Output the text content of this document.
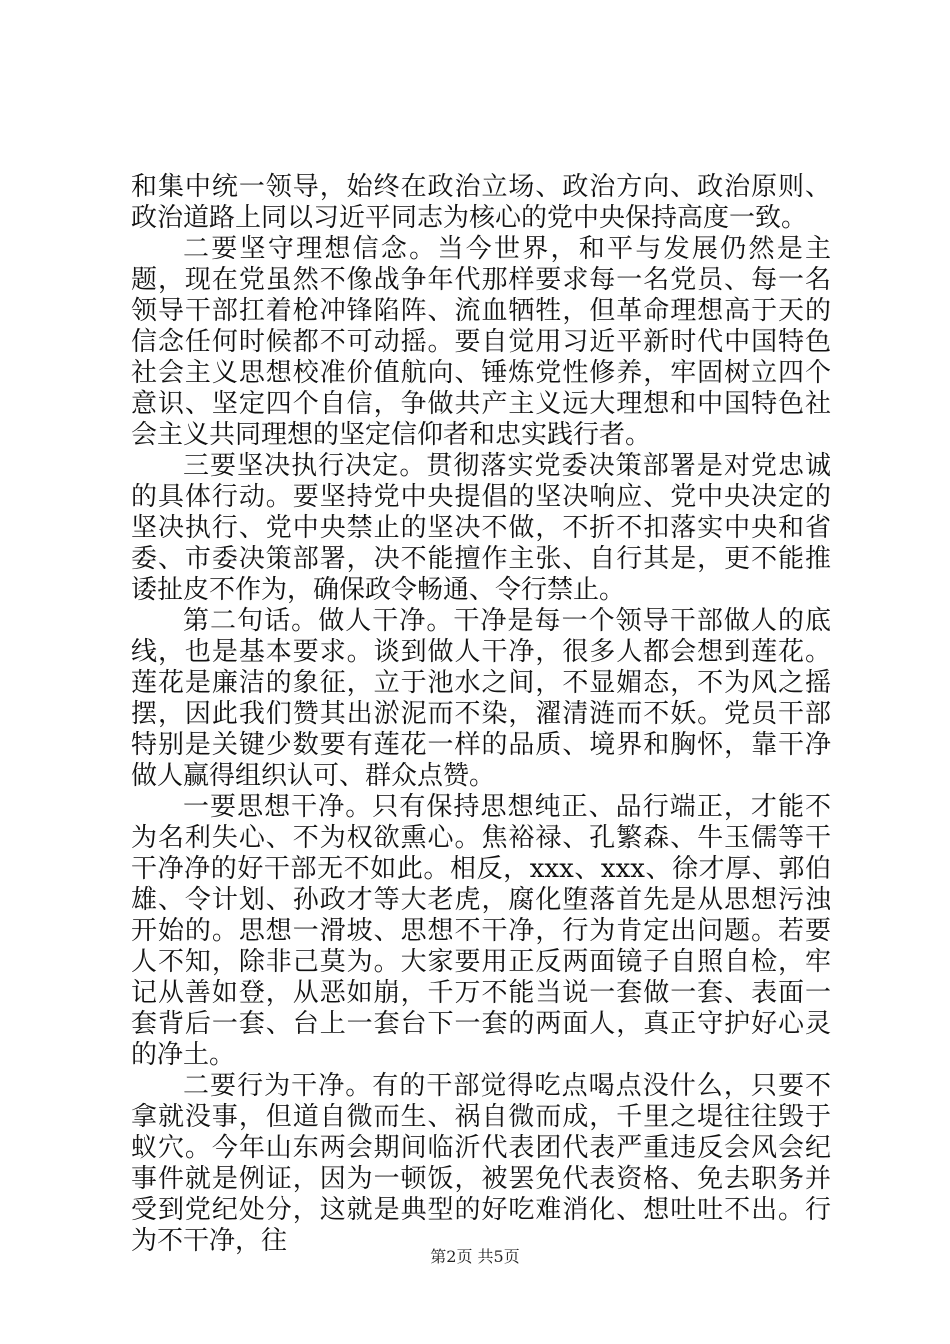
和集中统一领导，始终在政治立场、政治方向、政治原则、政治道路上同以习近平同志为核心的党中央保持高度一致。

二要坚守理想信念。当今世界，和平与发展仍然是主题，现在党虽然不像战争年代那样要求每一名党员、每一名领导干部扛着枪冲锋陷阵、流血牺牲，但革命理想高于天的信念任何时候都不可动摇。要自觉用习近平新时代中国特色社会主义思想校准价值航向、锤炼党性修养，牢固树立四个意识、坚定四个自信，争做共产主义远大理想和中国特色社会主义共同理想的坚定信仰者和忠实践行者。

三要坚决执行决定。贯彻落实党委决策部署是对党忠诚的具体行动。要坚持党中央提倡的坚决响应、党中央决定的坚决执行、党中央禁止的坚决不做，不折不扣落实中央和省委、市委决策部署，决不能擅作主张、自行其是，更不能推诿扯皮不作为，确保政令畅通、令行禁止。

第二句话。做人干净。干净是每一个领导干部做人的底线，也是基本要求。谈到做人干净，很多人都会想到莲花。莲花是廉洁的象征，立于池水之间，不显媚态，不为风之摇摆，因此我们赞其出淤泥而不染，濯清涟而不妖。党员干部特别是关键少数要有莲花一样的品质、境界和胸怀，靠干净做人赢得组织认可、群众点赞。

一要思想干净。只有保持思想纯正、品行端正，才能不为名利失心、不为权欲熏心。焦裕禄、孔繁森、牛玉儒等干干净净的好干部无不如此。相反，xxx、xxx、徐才厚、郭伯雄、令计划、孙政才等大老虎，腐化堕落首先是从思想污浊开始的。思想一滑坡、思想不干净，行为肯定出问题。若要人不知，除非己莫为。大家要用正反两面镜子自照自检，牢记从善如登，从恶如崩，千万不能当说一套做一套、表面一套背后一套、台上一套台下一套的两面人，真正守护好心灵的净土。

二要行为干净。有的干部觉得吃点喝点没什么，只要不拿就没事，但道自微而生、祸自微而成，千里之堤往往毁于蚁穴。今年山东两会期间临沂代表团代表严重违反会风会纪事件就是例证，因为一顿饭，被罢免代表资格、免去职务并受到党纪处分，这就是典型的好吃难消化、想吐吐不出。行为不干净，往

第2页 共5页
